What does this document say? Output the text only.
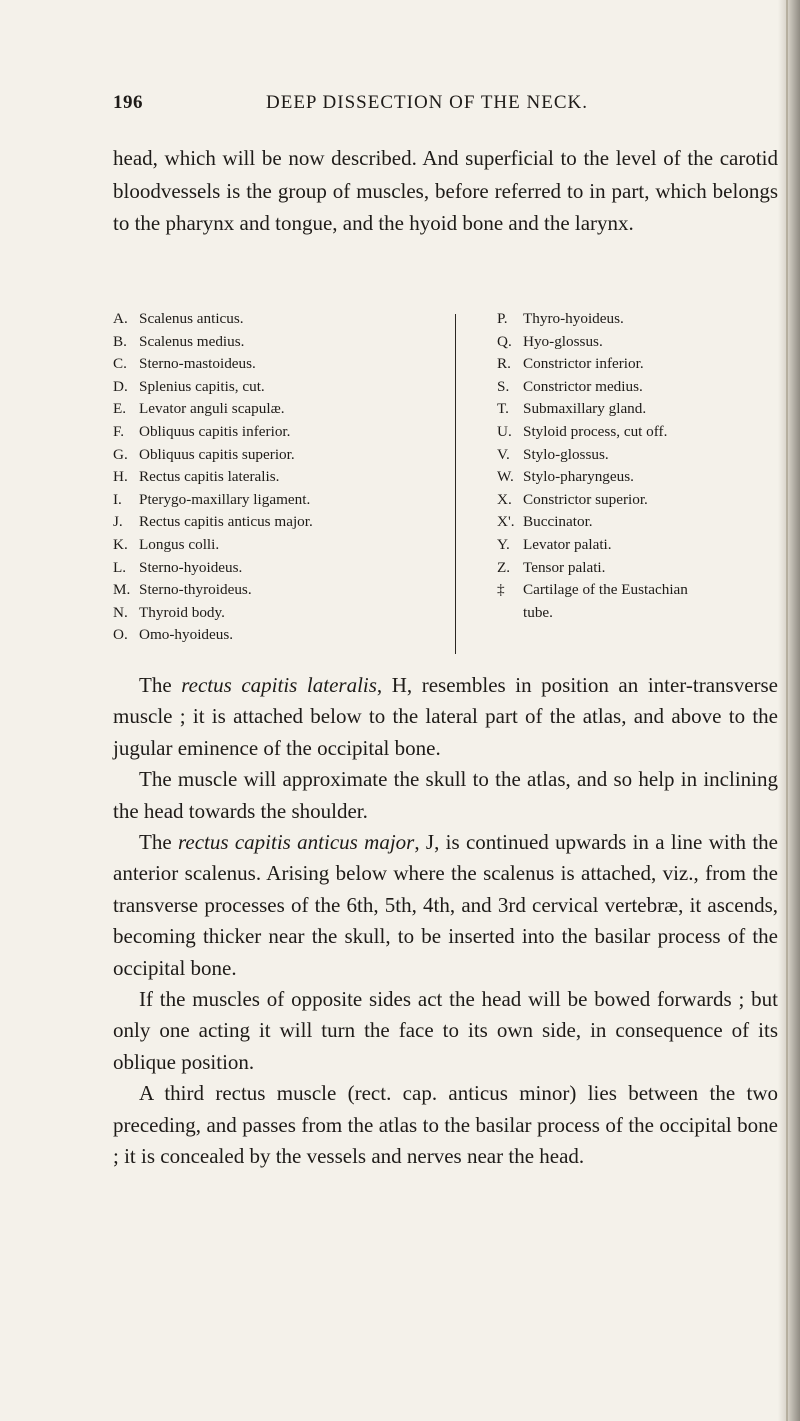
196	DEEP DISSECTION OF THE NECK.

head, which will be now described. And superficial to the level of the carotid bloodvessels is the group of muscles, before referred to in part, which belongs to the pharynx and tongue, and the hyoid bone and the larynx.

A. Scalenus anticus.
B. Scalenus medius.
C. Sterno-mastoideus.
D. Splenius capitis, cut.
E. Levator anguli scapulæ.
F. Obliquus capitis inferior.
G. Obliquus capitis superior.
H. Rectus capitis lateralis.
I. Pterygo-maxillary ligament.
J. Rectus capitis anticus major.
K. Longus colli.
L. Sterno-hyoideus.
M. Sterno-thyroideus.
N. Thyroid body.
O. Omo-hyoideus.
P. Thyro-hyoideus.
Q. Hyo-glossus.
R. Constrictor inferior.
S. Constrictor medius.
T. Submaxillary gland.
U. Styloid process, cut off.
V. Stylo-glossus.
W. Stylo-pharyngeus.
X. Constrictor superior.
X'. Buccinator.
Y. Levator palati.
Z. Tensor palati.
‡ Cartilage of the Eustachian
tube.

The rectus capitis lateralis, H, resembles in position an inter-transverse muscle ; it is attached below to the lateral part of the atlas, and above to the jugular eminence of the occipital bone.

The muscle will approximate the skull to the atlas, and so help in inclining the head towards the shoulder.

The rectus capitis anticus major, J, is continued upwards in a line with the anterior scalenus. Arising below where the scalenus is attached, viz., from the transverse processes of the 6th, 5th, 4th, and 3rd cervical vertebræ, it ascends, becoming thicker near the skull, to be inserted into the basilar process of the occipital bone.

If the muscles of opposite sides act the head will be bowed forwards ; but only one acting it will turn the face to its own side, in consequence of its oblique position.

A third rectus muscle (rect. cap. anticus minor) lies between the two preceding, and passes from the atlas to the basilar process of the occipital bone ; it is concealed by the vessels and nerves near the head.
